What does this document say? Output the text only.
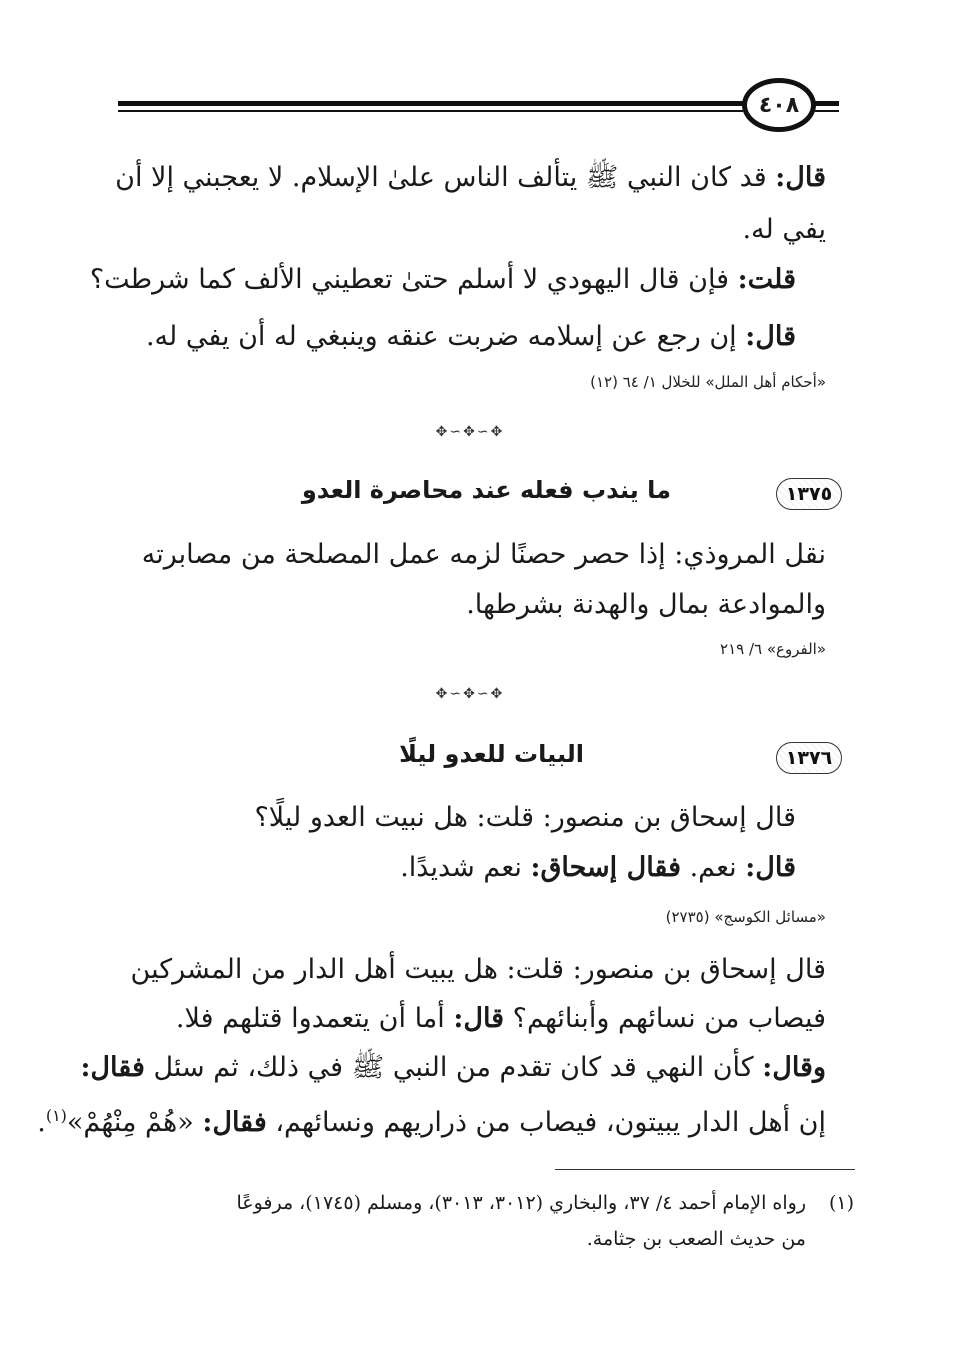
٤٠٨
قال: قد كان النبي ﷺ يتألف الناس علىٰ الإسلام. لا يعجبني إلا أن
يفي له.
قلت: فإن قال اليهودي لا أسلم حتىٰ تعطيني الألف كما شرطت؟
قال: إن رجع عن إسلامه ضربت عنقه وينبغي له أن يفي له.
«أحكام أهل الملل» للخلال ١/ ٦٤ (١٢)
✥∽✥∽✥
١٣٧٥
ما يندب فعله عند محاصرة العدو
نقل المروذي: إذا حصر حصنًا لزمه عمل المصلحة من مصابرته
والموادعة بمال والهدنة بشرطها.
«الفروع» ٦/ ٢١٩
✥∽✥∽✥
١٣٧٦
البيات للعدو ليلًا
قال إسحاق بن منصور: قلت: هل نبيت العدو ليلًا؟
قال: نعم. فقال إسحاق: نعم شديدًا.
«مسائل الكوسج» (٢٧٣٥)
قال إسحاق بن منصور: قلت: هل يبيت أهل الدار من المشركين
فيصاب من نسائهم وأبنائهم؟ قال: أما أن يتعمدوا قتلهم فلا.
وقال: كأن النهي قد كان تقدم من النبي ﷺ في ذلك، ثم سئل فقال:
إن أهل الدار يبيتون، فيصاب من ذراريهم ونسائهم، فقال: «هُمْ مِنْهُمْ»$^{(١)}$.
(١)
رواه الإمام أحمد ٤/ ٣٧، والبخاري (٣٠١٢، ٣٠١٣)، ومسلم (١٧٤٥)، مرفوعًا
من حديث الصعب بن جثامة.
